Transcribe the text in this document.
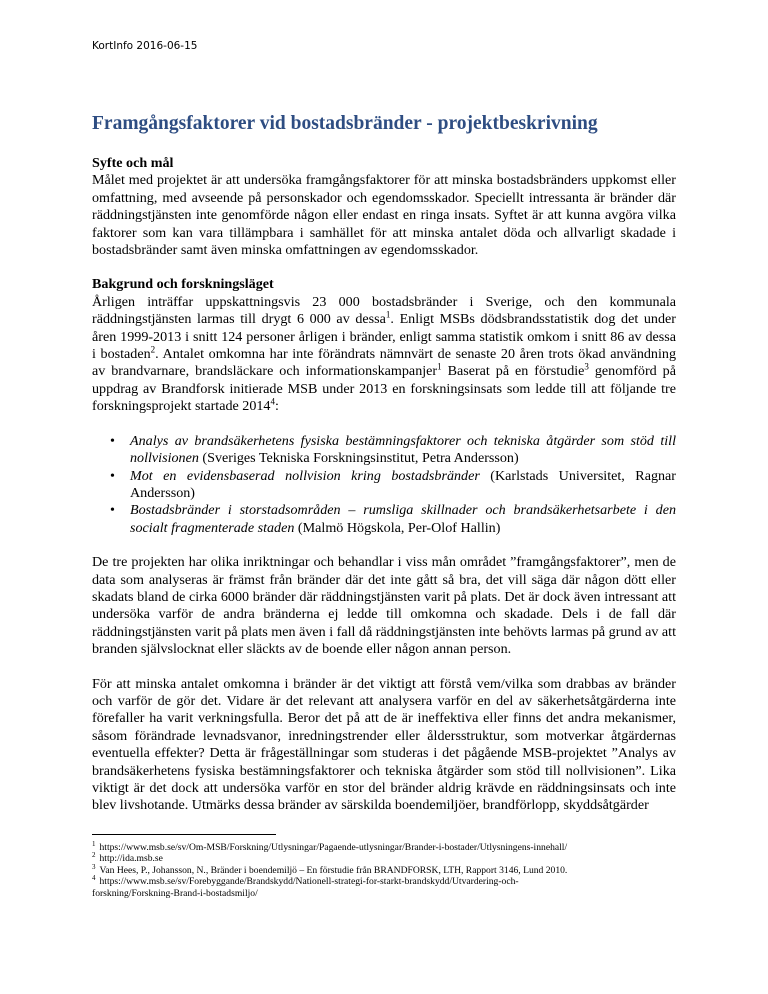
KortInfo 2016-06-15
Framgångsfaktorer vid bostadsbränder - projektbeskrivning

Syfte och mål

Målet med projektet är att undersöka framgångsfaktorer för att minska bostadsbränders uppkomst eller omfattning, med avseende på personskador och egendomsskador. Speciellt intressanta är bränder där räddningstjänsten inte genomförde någon eller endast en ringa insats. Syftet är att kunna avgöra vilka faktorer som kan vara tillämpbara i samhället för att minska antalet döda och allvarligt skadade i bostadsbränder samt även minska omfattningen av egendomsskador.

Bakgrund och forskningsläget

Årligen inträffar uppskattningsvis 23 000 bostadsbränder i Sverige, och den kommunala räddningstjänsten larmas till drygt 6 000 av dessa$^1$. Enligt MSBs dödsbrandsstatistik dog det under åren 1999-2013 i snitt 124 personer årligen i bränder, enligt samma statistik omkom i snitt 86 av dessa i bostaden$^2$. Antalet omkomna har inte förändrats nämnvärt de senaste 20 åren trots ökad användning av brandvarnare, brandsläckare och informationskampanjer$^1$ Baserat på en förstudie$^3$ genomförd på uppdrag av Brandforsk initierade MSB under 2013 en forskningsinsats som ledde till att följande tre forskningsprojekt startade 2014$^4$:

• Analys av brandsäkerhetens fysiska bestämningsfaktorer och tekniska åtgärder som stöd till nollvisionen (Sveriges Tekniska Forskningsinstitut, Petra Andersson)
• Mot en evidensbaserad nollvision kring bostadsbränder (Karlstads Universitet, Ragnar Andersson)
• Bostadsbränder i storstadsområden – rumsliga skillnader och brandsäkerhetsarbete i den socialt fragmenterade staden (Malmö Högskola, Per-Olof Hallin)

De tre projekten har olika inriktningar och behandlar i viss mån området ”framgångsfaktorer”, men de data som analyseras är främst från bränder där det inte gått så bra, det vill säga där någon dött eller skadats bland de cirka 6000 bränder där räddningstjänsten varit på plats. Det är dock även intressant att undersöka varför de andra bränderna ej ledde till omkomna och skadade. Dels i de fall där räddningstjänsten varit på plats men även i fall då räddningstjänsten inte behövts larmas på grund av att branden självslocknat eller släckts av de boende eller någon annan person.

För att minska antalet omkomna i bränder är det viktigt att förstå vem/vilka som drabbas av bränder och varför de gör det. Vidare är det relevant att analysera varför en del av säkerhetsåtgärderna inte förefaller ha varit verkningsfulla. Beror det på att de är ineffektiva eller finns det andra mekanismer, såsom förändrade levnadsvanor, inredningstrender eller åldersstruktur, som motverkar åtgärdernas eventuella effekter? Detta är frågeställningar som studeras i det pågående MSB-projektet ”Analys av brandsäkerhetens fysiska bestämningsfaktorer och tekniska åtgärder som stöd till nollvisionen”. Lika viktigt är det dock att undersöka varför en stor del bränder aldrig krävde en räddningsinsats och inte blev livshotande. Utmärks dessa bränder av särskilda boendemiljöer, brandförlopp, skyddsåtgärder

$^1$ https://www.msb.se/sv/Om-MSB/Forskning/Utlysningar/Pagaende-utlysningar/Brander-i-bostader/Utlysningens-innehall/
$^2$ http://ida.msb.se
$^3$ Van Hees, P., Johansson, N., Bränder i boendemiljö – En förstudie från BRANDFORSK, LTH, Rapport 3146, Lund 2010.
$^4$ https://www.msb.se/sv/Forebyggande/Brandskydd/Nationell-strategi-for-starkt-brandskydd/Utvardering-och-
forskning/Forskning-Brand-i-bostadsmiljo/
